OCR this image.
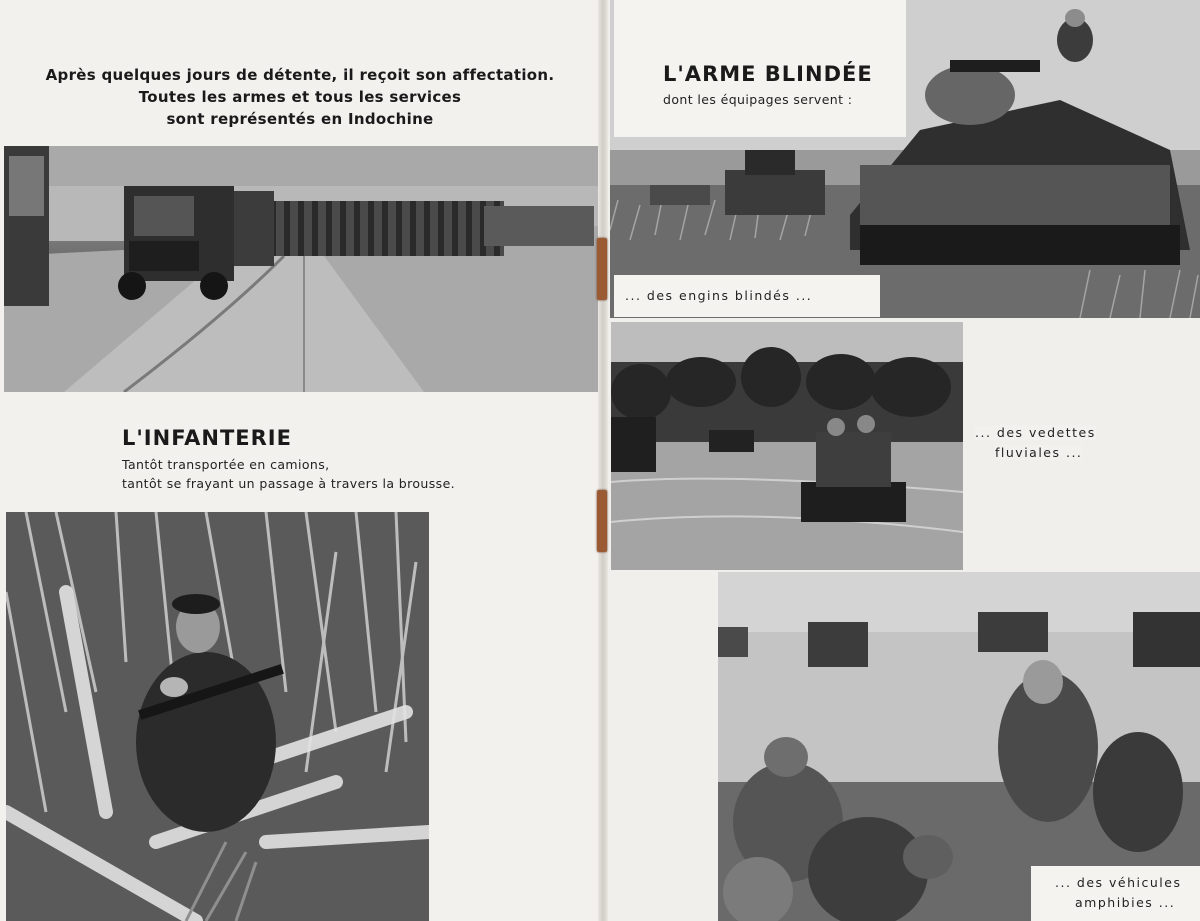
Après quelques jours de détente, il reçoit son affectation.
Toutes les armes et tous les services
sont représentés en Indochine
L'INFANTERIE
Tantôt transportée en camions,
tantôt se frayant un passage à travers la brousse.
L'ARME BLINDÉE
dont les équipages servent :
... des engins blindés ...
... des vedettes
fluviales ...
... des véhicules
amphibies ...
